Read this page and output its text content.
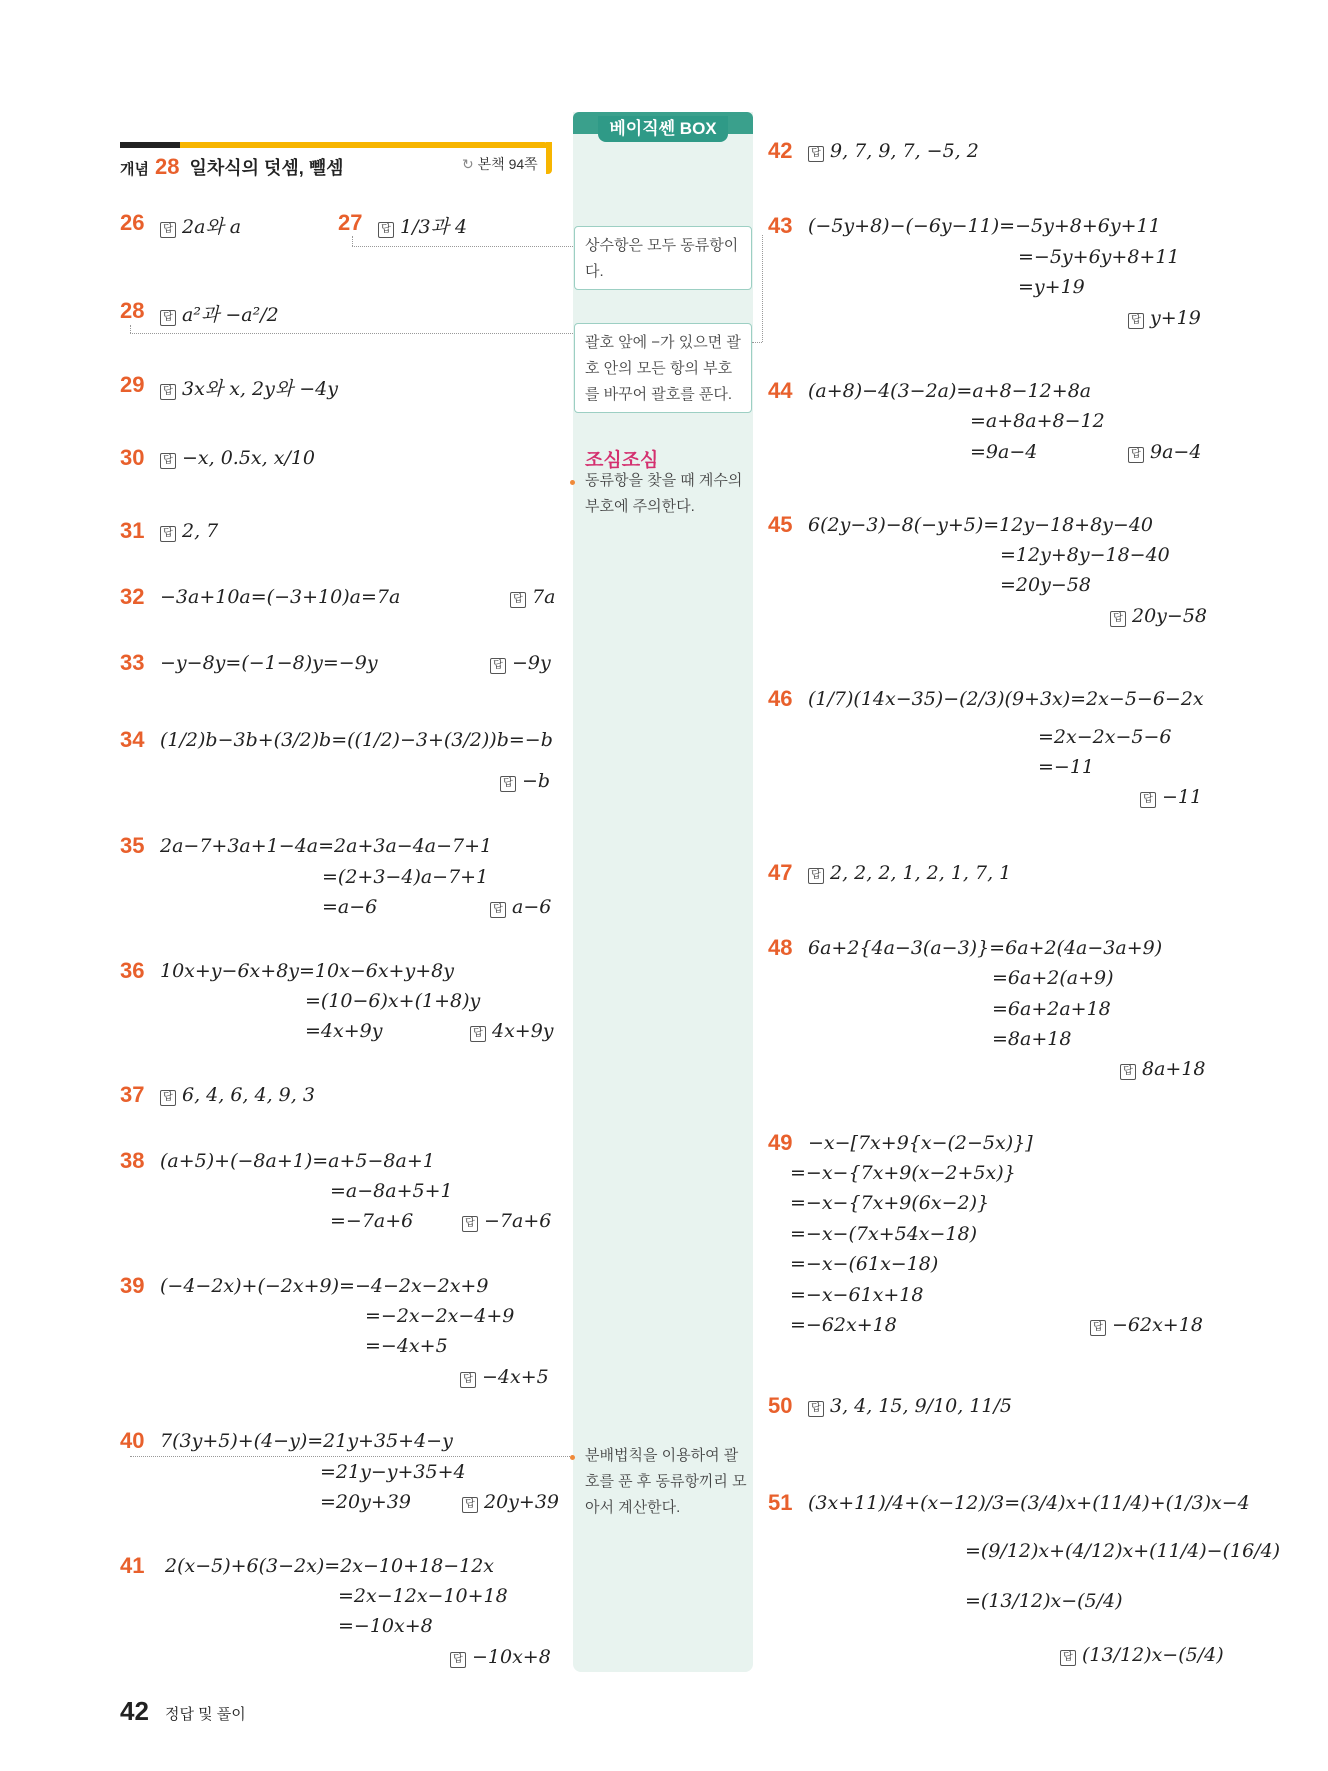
베이직쎈 BOX
상수항은 모두 동류항이다.
괄호 앞에 −가 있으면 괄호 안의 모든 항의 부호를 바꾸어 괄호를 푼다.
조심조심
동류항을 찾을 때 계수의 부호에 주의한다.
분배법칙을 이용하여 괄호를 푼 후 동류항끼리 모아서 계산한다.
개념 28 일차식의 덧셈, 뺄셈	↻ 본책 94쪽
26	답 2a와 a	27	답 1/3과 4
28	답 a²과 −a²/2
29	답 3x와 x, 2y와 −4y
30	답 −x, 0.5x, x/10
31	답 2, 7
32 −3a+10a=(−3+10)a=7a	답 7a
33 −y−8y=(−1−8)y=−9y	답 −9y
34 (1/2)b−3b+(3/2)b=((1/2)−3+(3/2))b=−b
답 −b
35 2a−7+3a+1−4a=2a+3a−4a−7+1
=(2+3−4)a−7+1
=a−6	답 a−6
36 10x+y−6x+8y=10x−6x+y+8y
=(10−6)x+(1+8)y
=4x+9y	답 4x+9y
37	답 6, 4, 6, 4, 9, 3
38 (a+5)+(−8a+1)=a+5−8a+1
=a−8a+5+1
=−7a+6	답 −7a+6
39 (−4−2x)+(−2x+9)=−4−2x−2x+9
=−2x−2x−4+9
=−4x+5
답 −4x+5
40 7(3y+5)+(4−y)=21y+35+4−y
=21y−y+35+4
=20y+39	답 20y+39
41 2(x−5)+6(3−2x)=2x−10+18−12x
=2x−12x−10+18
=−10x+8
답 −10x+8
42	답 9, 7, 9, 7, −5, 2
43 (−5y+8)−(−6y−11)=−5y+8+6y+11
=−5y+6y+8+11
=y+19
답 y+19
44 (a+8)−4(3−2a)=a+8−12+8a
=a+8a+8−12
=9a−4	답 9a−4
45 6(2y−3)−8(−y+5)=12y−18+8y−40
=12y+8y−18−40
=20y−58
답 20y−58
46 (1/7)(14x−35)−(2/3)(9+3x)=2x−5−6−2x
=2x−2x−5−6
=−11
답 −11
47	답 2, 2, 2, 1, 2, 1, 7, 1
48 6a+2{4a−3(a−3)}=6a+2(4a−3a+9)
=6a+2(a+9)
=6a+2a+18
=8a+18
답 8a+18
49 −x−[7x+9{x−(2−5x)}]
=−x−{7x+9(x−2+5x)}
=−x−{7x+9(6x−2)}
=−x−(7x+54x−18)
=−x−(61x−18)
=−x−61x+18
=−62x+18	답 −62x+18
50	답 3, 4, 15, 9/10, 11/5
51 (3x+11)/4+(x−12)/3=(3/4)x+(11/4)+(1/3)x−4
=(9/12)x+(4/12)x+(11/4)−(16/4)
=(13/12)x−(5/4)
답 (13/12)x−(5/4)
42 정답 및 풀이
